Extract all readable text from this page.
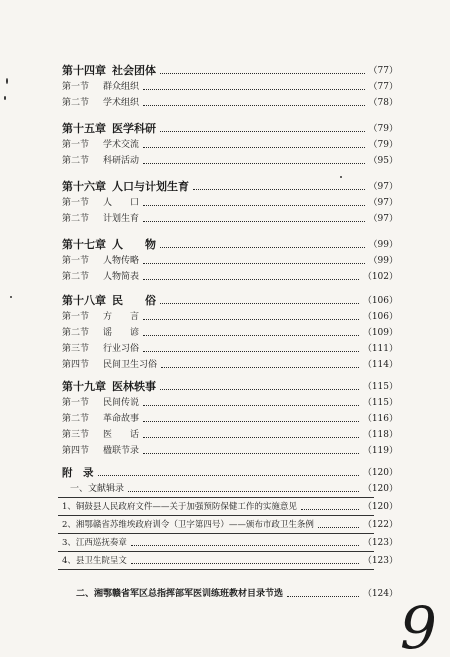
第十四章 社会团体	（77）
第一节 群众组织	（77）
第二节 学术组织	（78）
第十五章 医学科研	（79）
第一节 学术交流	（79）
第二节 科研活动	（95）
第十六章 人口与计划生育	（97）
第一节 人　　口	（97）
第二节 计划生育	（97）
第十七章 人　　物	（99）
第一节 人物传略	（99）
第二节 人物简表	（102）
第十八章 民　　俗	（106）
第一节 方　　言	（106）
第二节 谣　　谚	（109）
第三节 行业习俗	（111）
第四节 民间卫生习俗	（114）
第十九章 医林轶事	（115）
第一节 民间传说	（115）
第二节 革命故事	（116）
第三节 医　　话	（118）
第四节 楹联节录	（119）
附　录	（120）
一、文献辑录	（120）
1、铜鼓县人民政府文件——关于加强预防保健工作的实施意见	（120）
2、湘鄂赣省苏维埃政府训令（卫字第四号）——颁布市政卫生条例	（122）
3、江西巡抚奏章	（123）
4、县卫生院呈文	（123）
二、湘鄂赣省军区总指挥部军医训练班教材目录节选	（124） 9
